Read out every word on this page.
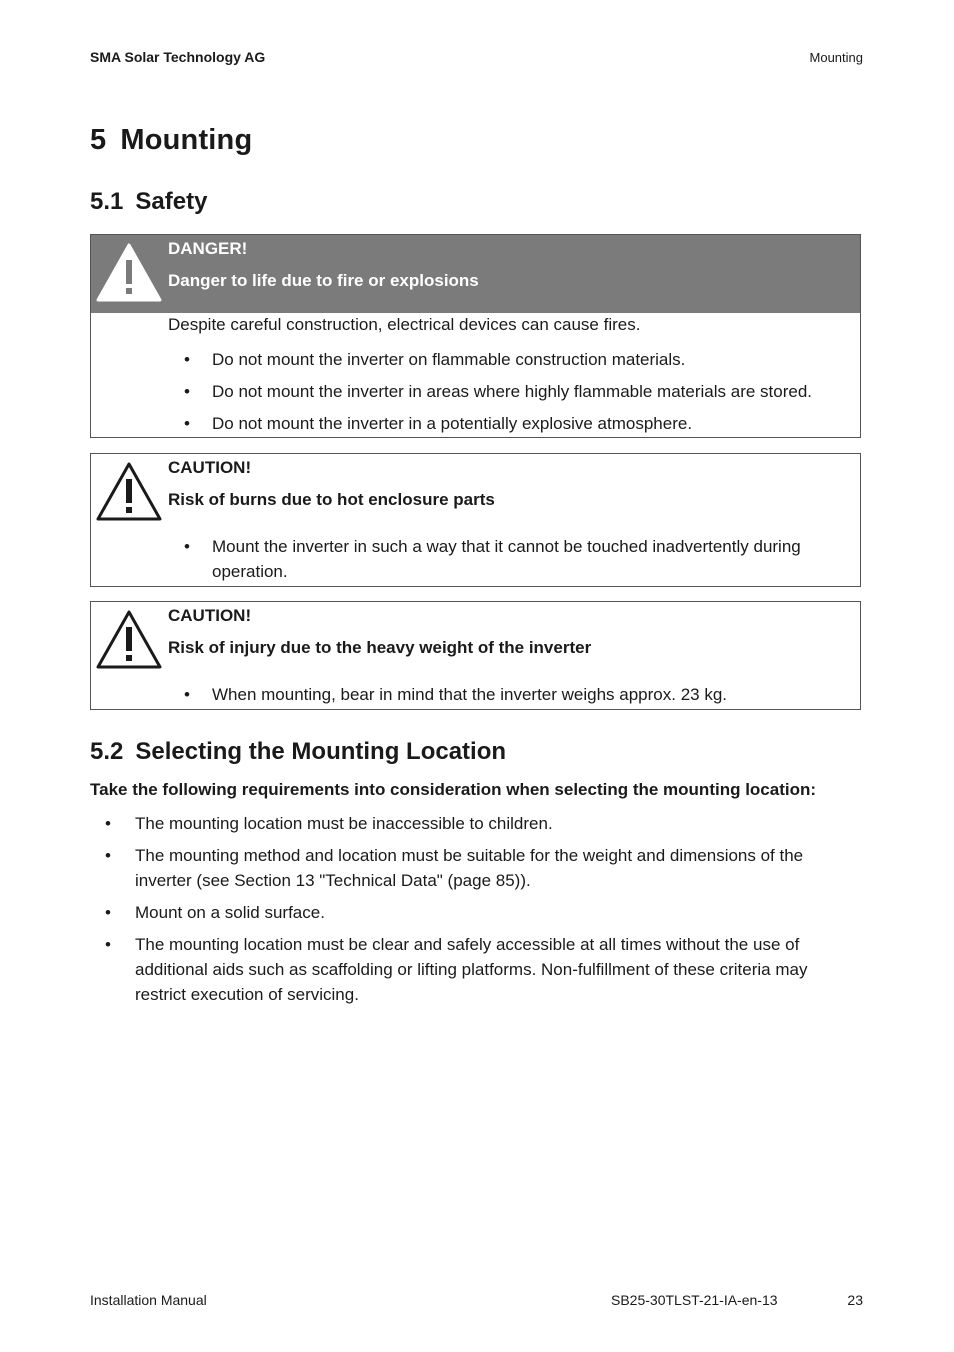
SMA Solar Technology AG	Mounting
5 Mounting
5.1 Safety
DANGER!
Danger to life due to fire or explosions
Despite careful construction, electrical devices can cause fires.
• Do not mount the inverter on flammable construction materials.
• Do not mount the inverter in areas where highly flammable materials are stored.
• Do not mount the inverter in a potentially explosive atmosphere.
CAUTION!
Risk of burns due to hot enclosure parts
• Mount the inverter in such a way that it cannot be touched inadvertently during operation.
CAUTION!
Risk of injury due to the heavy weight of the inverter
• When mounting, bear in mind that the inverter weighs approx. 23 kg.
5.2 Selecting the Mounting Location
Take the following requirements into consideration when selecting the mounting location:
• The mounting location must be inaccessible to children.
• The mounting method and location must be suitable for the weight and dimensions of the inverter (see Section 13 "Technical Data" (page 85)).
• Mount on a solid surface.
• The mounting location must be clear and safely accessible at all times without the use of additional aids such as scaffolding or lifting platforms. Non-fulfillment of these criteria may restrict execution of servicing.
Installation Manual	SB25-30TLST-21-IA-en-13	23
